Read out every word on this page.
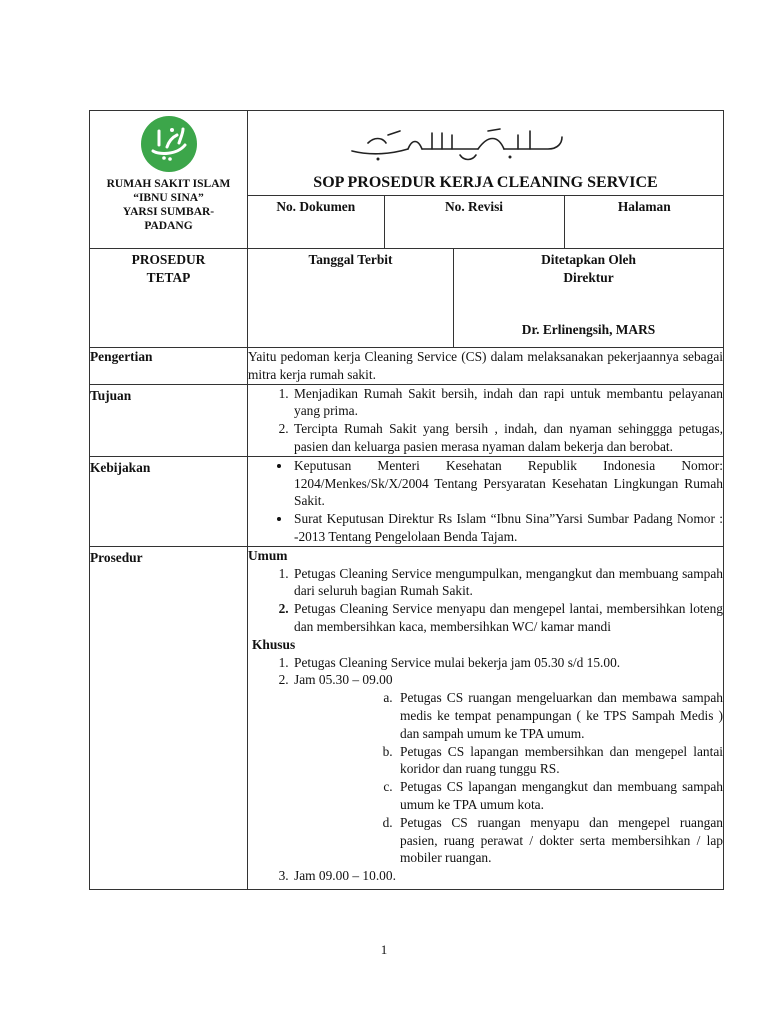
RUMAH SAKIT ISLAM
“IBNU SINA”
YARSI SUMBAR-
PADANG

SOP PROSEDUR KERJA CLEANING SERVICE
No. Dokumen	No. Revisi	Halaman

PROSEDUR
TETAP

Tanggal Terbit	Ditetapkan Oleh
Direktur
Dr. Erlinengsih, MARS

Pengertian	Yaitu pedoman kerja Cleaning Service (CS) dalam melaksanakan pekerjaannya sebagai mitra kerja rumah sakit.
Tujuan	
1.Menjadikan Rumah Sakit bersih, indah dan rapi untuk membantu pelayanan yang prima.
2. Tercipta Rumah Sakit yang bersih , indah, dan nyaman sehinggga petugas, pasien dan keluarga pasien merasa nyaman dalam bekerja dan berobat.

Kebijakan	
•Keputusan Menteri Kesehatan Republik Indonesia Nomor: 1204/Menkes/Sk/X/2004 Tentang Persyaratan Kesehatan Lingkungan Rumah Sakit.
• Surat Keputusan Direktur Rs Islam “Ibnu Sina”Yarsi Sumbar Padang Nomor : -2013 Tentang Pengelolaan Benda Tajam.

Prosedur	Umum
1. Petugas Cleaning Service mengumpulkan, mengangkut dan membuang sampah dari seluruh bagian Rumah Sakit.
2. Petugas Cleaning Service menyapu dan mengepel lantai, membersihkan loteng dan membersihkan kaca, membersihkan WC/ kamar mandi
Khusus
1. Petugas Cleaning Service mulai bekerja jam 05.30 s/d 15.00.
2. Jam 05.30 – 09.00
a. Petugas CS ruangan mengeluarkan dan membawa sampah medis ke tempat penampungan ( ke TPS Sampah Medis ) dan sampah umum ke TPA umum.
b. Petugas CS lapangan membersihkan dan mengepel lantai koridor dan ruang tunggu RS.
c. Petugas CS lapangan mengangkut dan membuang sampah umum ke TPA umum kota.
d. Petugas CS ruangan menyapu dan mengepel ruangan pasien, ruang perawat / dokter serta membersihkan / lap mobiler ruangan.
3. Jam 09.00 – 10.00.
1
